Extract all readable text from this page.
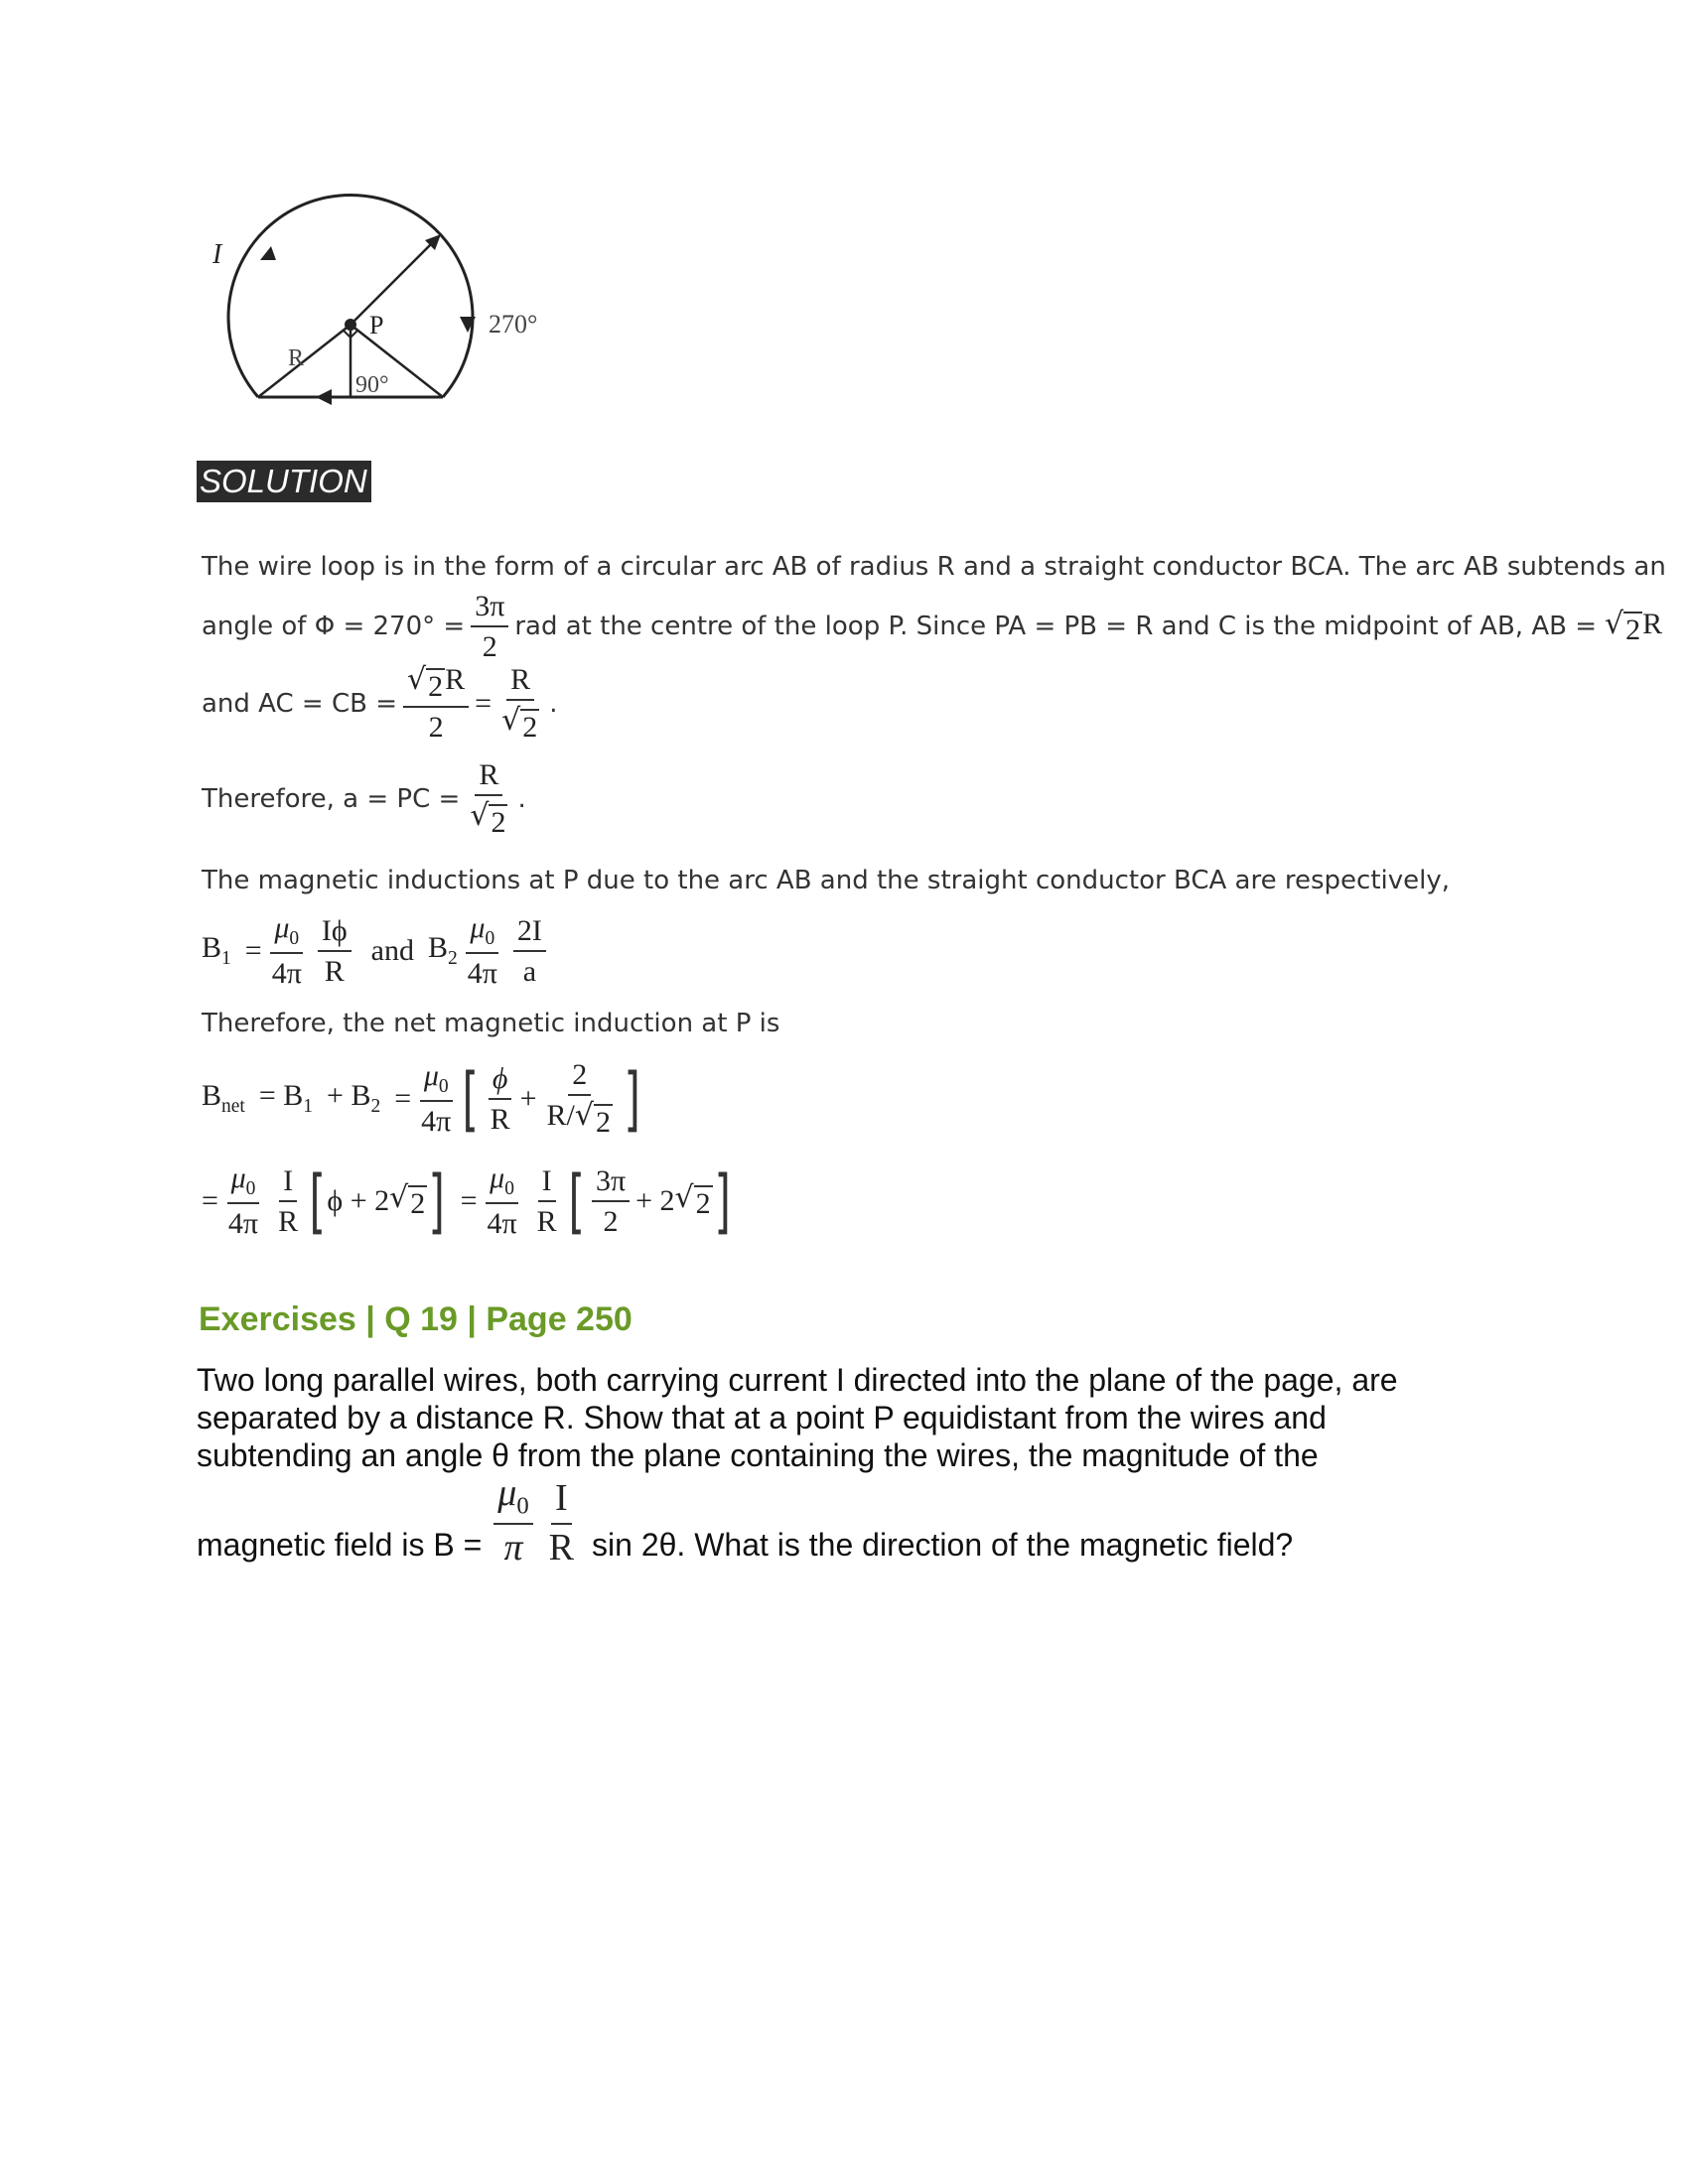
I
R
P
90°
270°
SOLUTION
The wire loop is in the form of a circular arc AB of radius R and a straight conductor BCA. The arc AB subtends an
angle of $\Phi = 270^\circ = \frac{3\pi}{2}$ rad at the centre of the loop P. Since PA = PB = R and C is the midpoint of AB, AB = √ 2 R
and AC = CB = $\frac{√ 2 R}{2} = \frac{R}{√ 2}$ .
Therefore, a = PC = $\frac{R}{√ 2}$ .
The magnetic inductions at P due to the arc AB and the straight conductor BCA are respectively,
$B_1 = \frac{\mu_0}{4\pi} \frac{I\phi}{R}$ and $B_2 \frac{\mu_0}{4\pi} \frac{2I}{a}$
Therefore, the net magnetic induction at P is
$B_{net} = B_1 + B_2 = \frac{\mu_0}{4\pi}$ [ $\frac{\phi}{R} + \frac{2}{R/ √ 2}$ ]
= $\frac{\mu_0}{4\pi} \frac{I}{R}$ [ ϕ + 2 √ 2 ] = $\frac{\mu_0}{4\pi} \frac{I}{R}$ [ $\frac{3\pi}{2} + 2$ √ 2 ]
Exercises | Q 19 | Page 250
Two long parallel wires, both carrying current I directed into the plane of the page, are
separated by a distance R. Show that at a point P equidistant from the wires and
subtending an angle θ from the plane containing the wires, the magnitude of the
magnetic field is $B = \frac{\mu_0}{\pi} \frac{I}{R}$ sin 2θ. What is the direction of the magnetic field?
